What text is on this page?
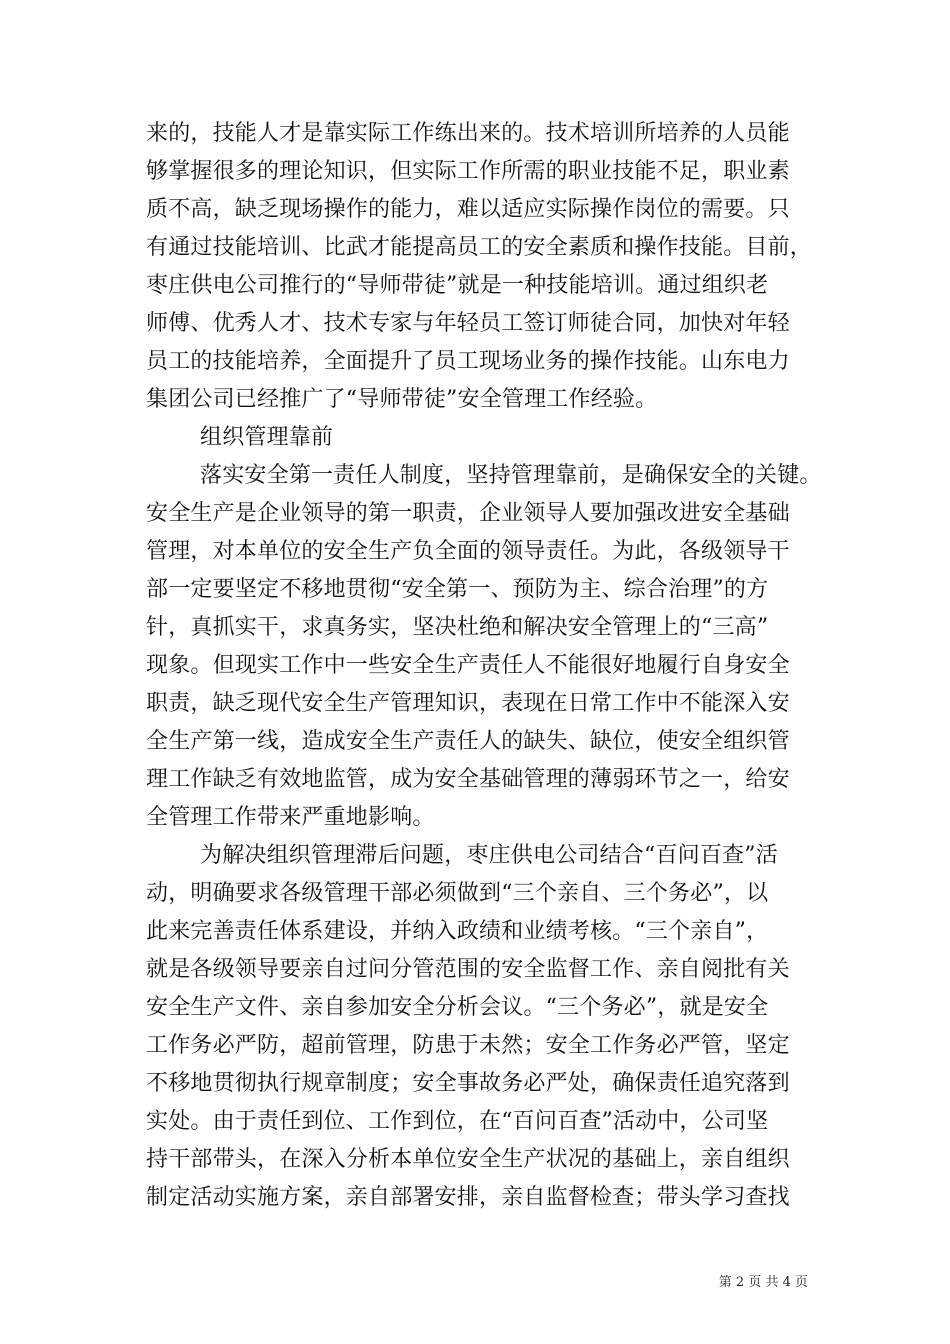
来的，技能人才是靠实际工作练出来的。技术培训所培养的人员能
够掌握很多的理论知识，但实际工作所需的职业技能不足，职业素
质不高，缺乏现场操作的能力，难以适应实际操作岗位的需要。只
有通过技能培训、比武才能提高员工的安全素质和操作技能。目前，
枣庄供电公司推行的“导师带徒”就是一种技能培训。通过组织老
师傅、优秀人才、技术专家与年轻员工签订师徒合同，加快对年轻
员工的技能培养，全面提升了员工现场业务的操作技能。山东电力
集团公司已经推广了“导师带徒”安全管理工作经验。
组织管理靠前
落实安全第一责任人制度，坚持管理靠前，是确保安全的关键。
安全生产是企业领导的第一职责，企业领导人要加强改进安全基础
管理，对本单位的安全生产负全面的领导责任。为此，各级领导干
部一定要坚定不移地贯彻“安全第一、预防为主、综合治理”的方
针，真抓实干，求真务实，坚决杜绝和解决安全管理上的“三高”
现象。但现实工作中一些安全生产责任人不能很好地履行自身安全
职责，缺乏现代安全生产管理知识，表现在日常工作中不能深入安
全生产第一线，造成安全生产责任人的缺失、缺位，使安全组织管
理工作缺乏有效地监管，成为安全基础管理的薄弱环节之一，给安
全管理工作带来严重地影响。
为解决组织管理滞后问题，枣庄供电公司结合“百问百查”活
动，明确要求各级管理干部必须做到“三个亲自、三个务必”，以
此来完善责任体系建设，并纳入政绩和业绩考核。“三个亲自”，
就是各级领导要亲自过问分管范围的安全监督工作、亲自阅批有关
安全生产文件、亲自参加安全分析会议。“三个务必”，就是安全
工作务必严防，超前管理，防患于未然；安全工作务必严管，坚定
不移地贯彻执行规章制度；安全事故务必严处，确保责任追究落到
实处。由于责任到位、工作到位，在“百问百查”活动中，公司坚
持干部带头，在深入分析本单位安全生产状况的基础上，亲自组织
制定活动实施方案，亲自部署安排，亲自监督检查；带头学习查找
第 2 页 共 4 页
